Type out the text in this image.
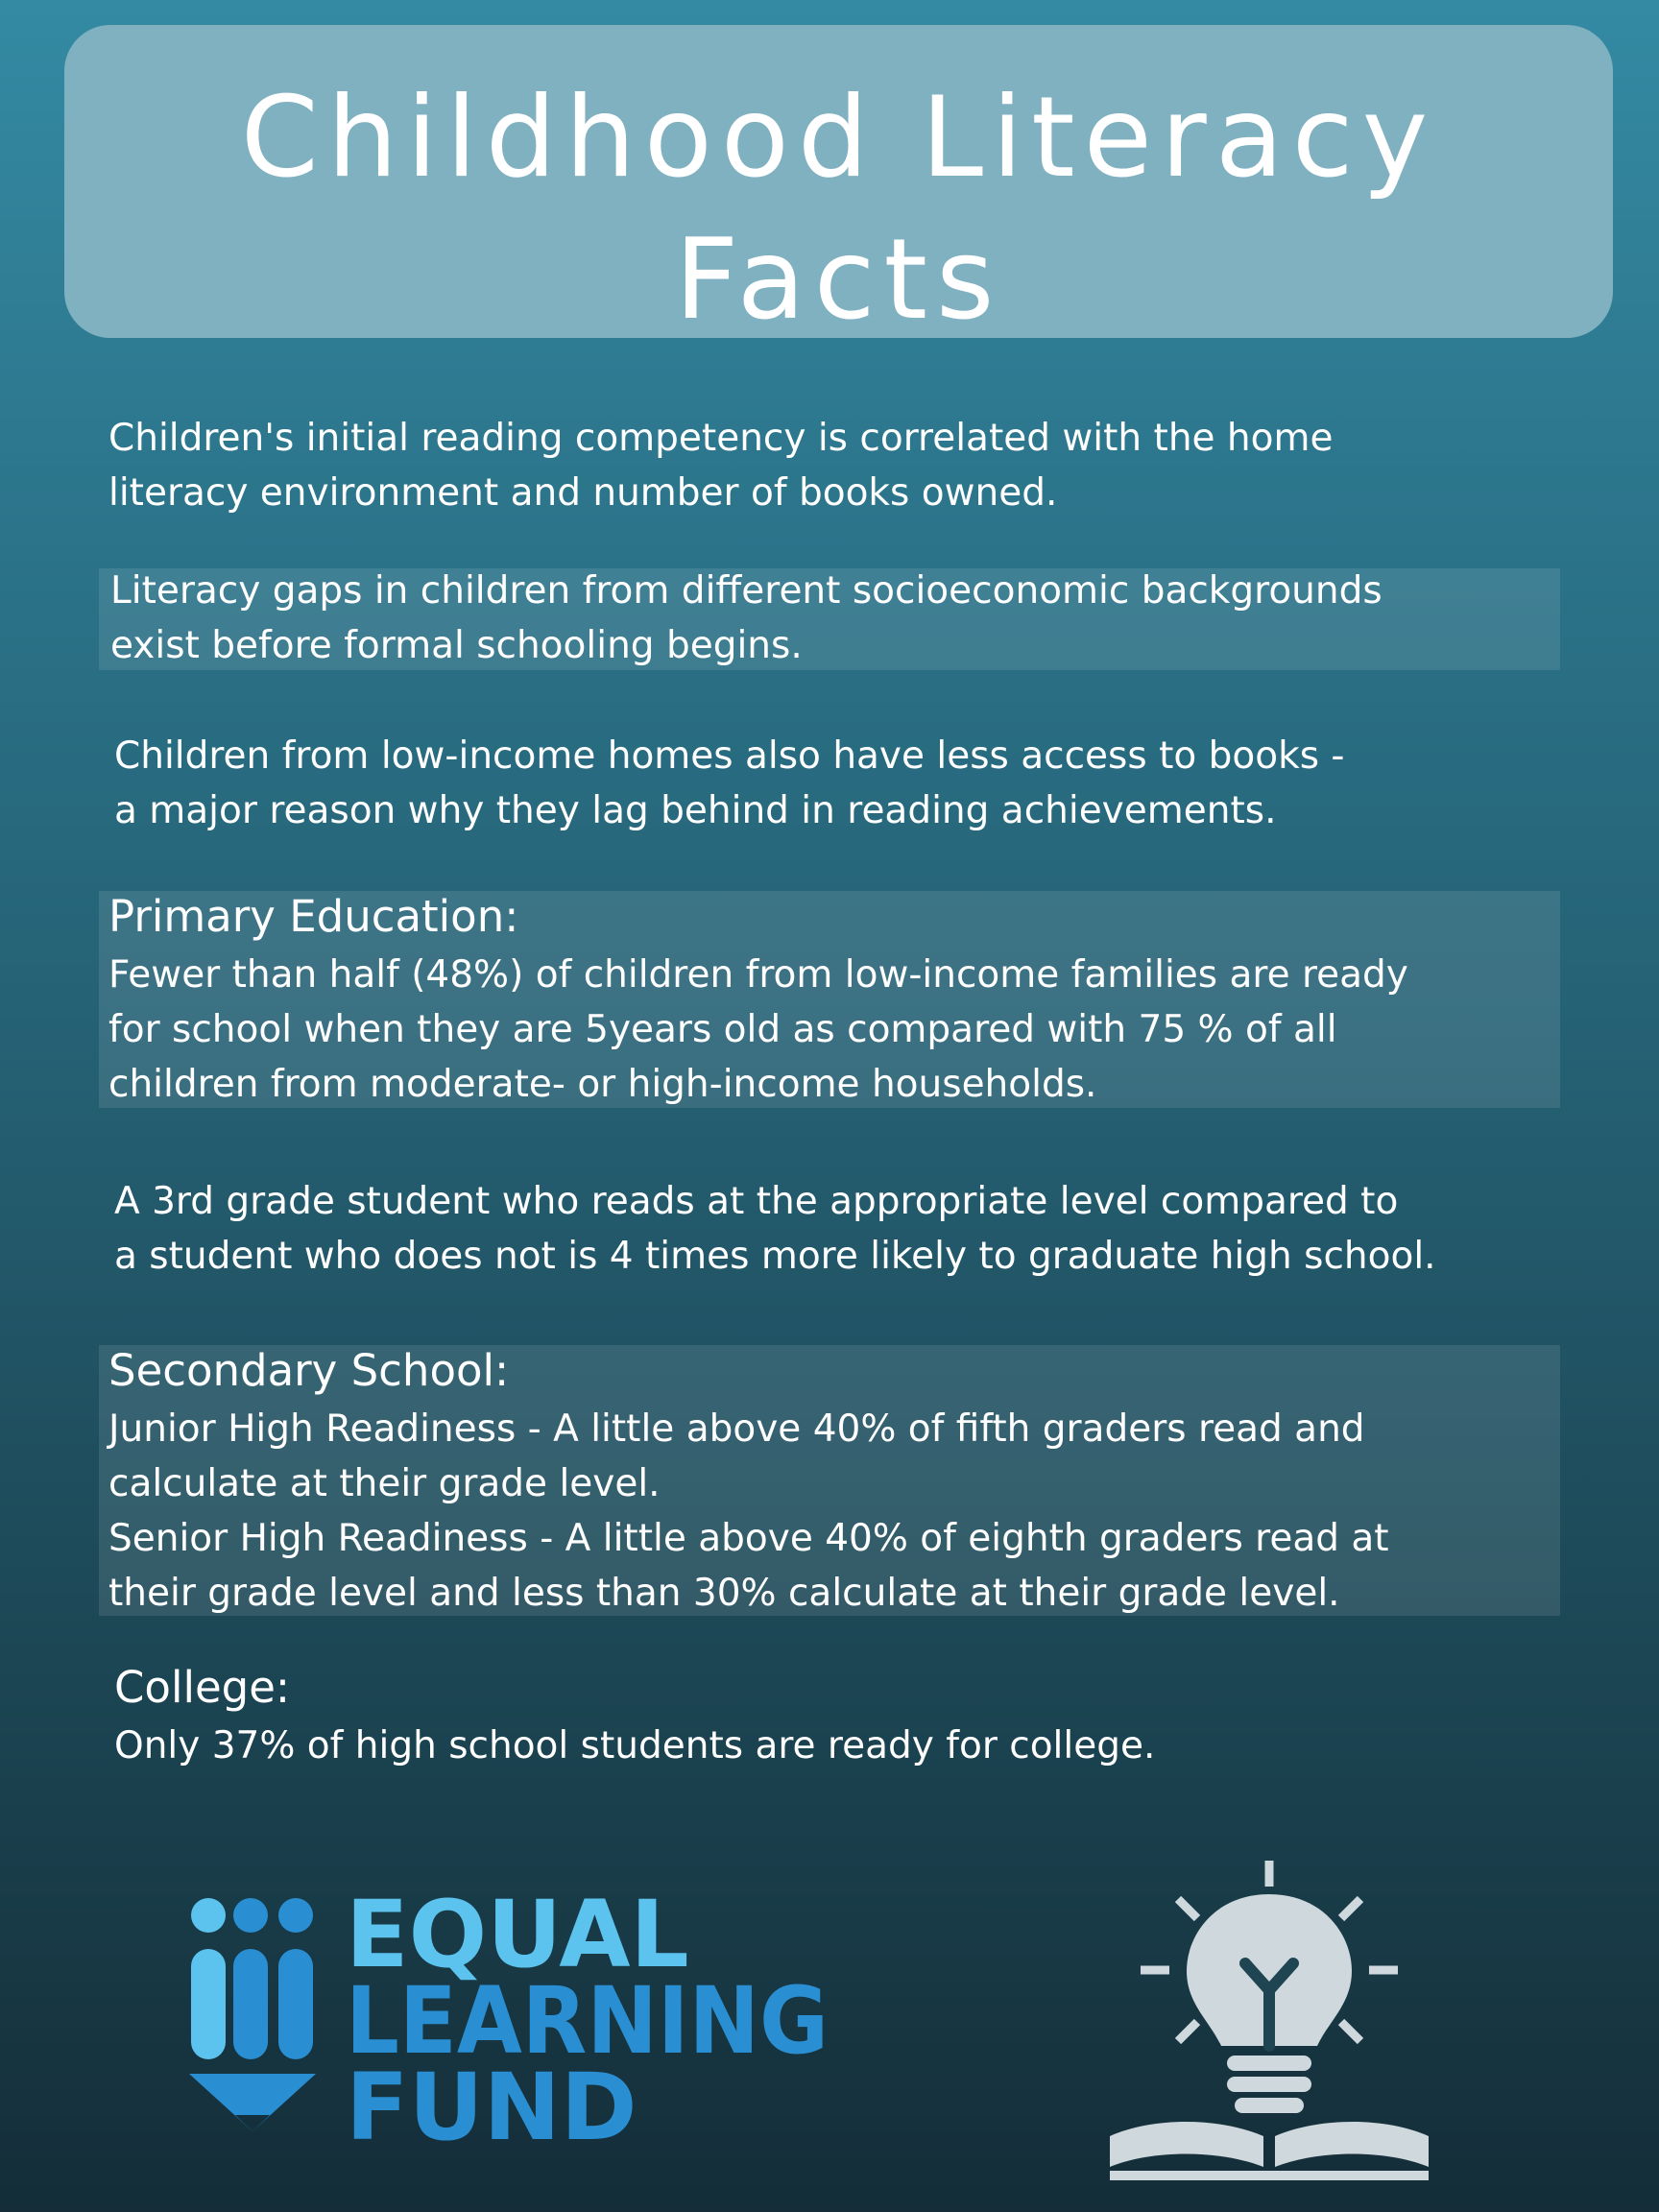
Childhood Literacy
Facts
Children's initial reading competency is correlated with the home
literacy environment and number of books owned.
Literacy gaps in children from different socioeconomic backgrounds
exist before formal schooling begins.
Children from low-income homes also have less access to books -
a major reason why they lag behind in reading achievements.
Primary Education:
Fewer than half (48%) of children from low-income families are ready
for school when they are 5years old as compared with 75 % of all
children from moderate- or high-income households.
A 3rd grade student who reads at the appropriate level compared to
a student who does not is 4 times more likely to graduate high school.
Secondary School:
Junior High Readiness - A little above 40% of fifth graders read and
calculate at their grade level.
Senior High Readiness - A little above 40% of eighth graders read at
their grade level and less than 30% calculate at their grade level.
College:
Only 37% of high school students are ready for college.
EQUAL
LEARNING
FUND
